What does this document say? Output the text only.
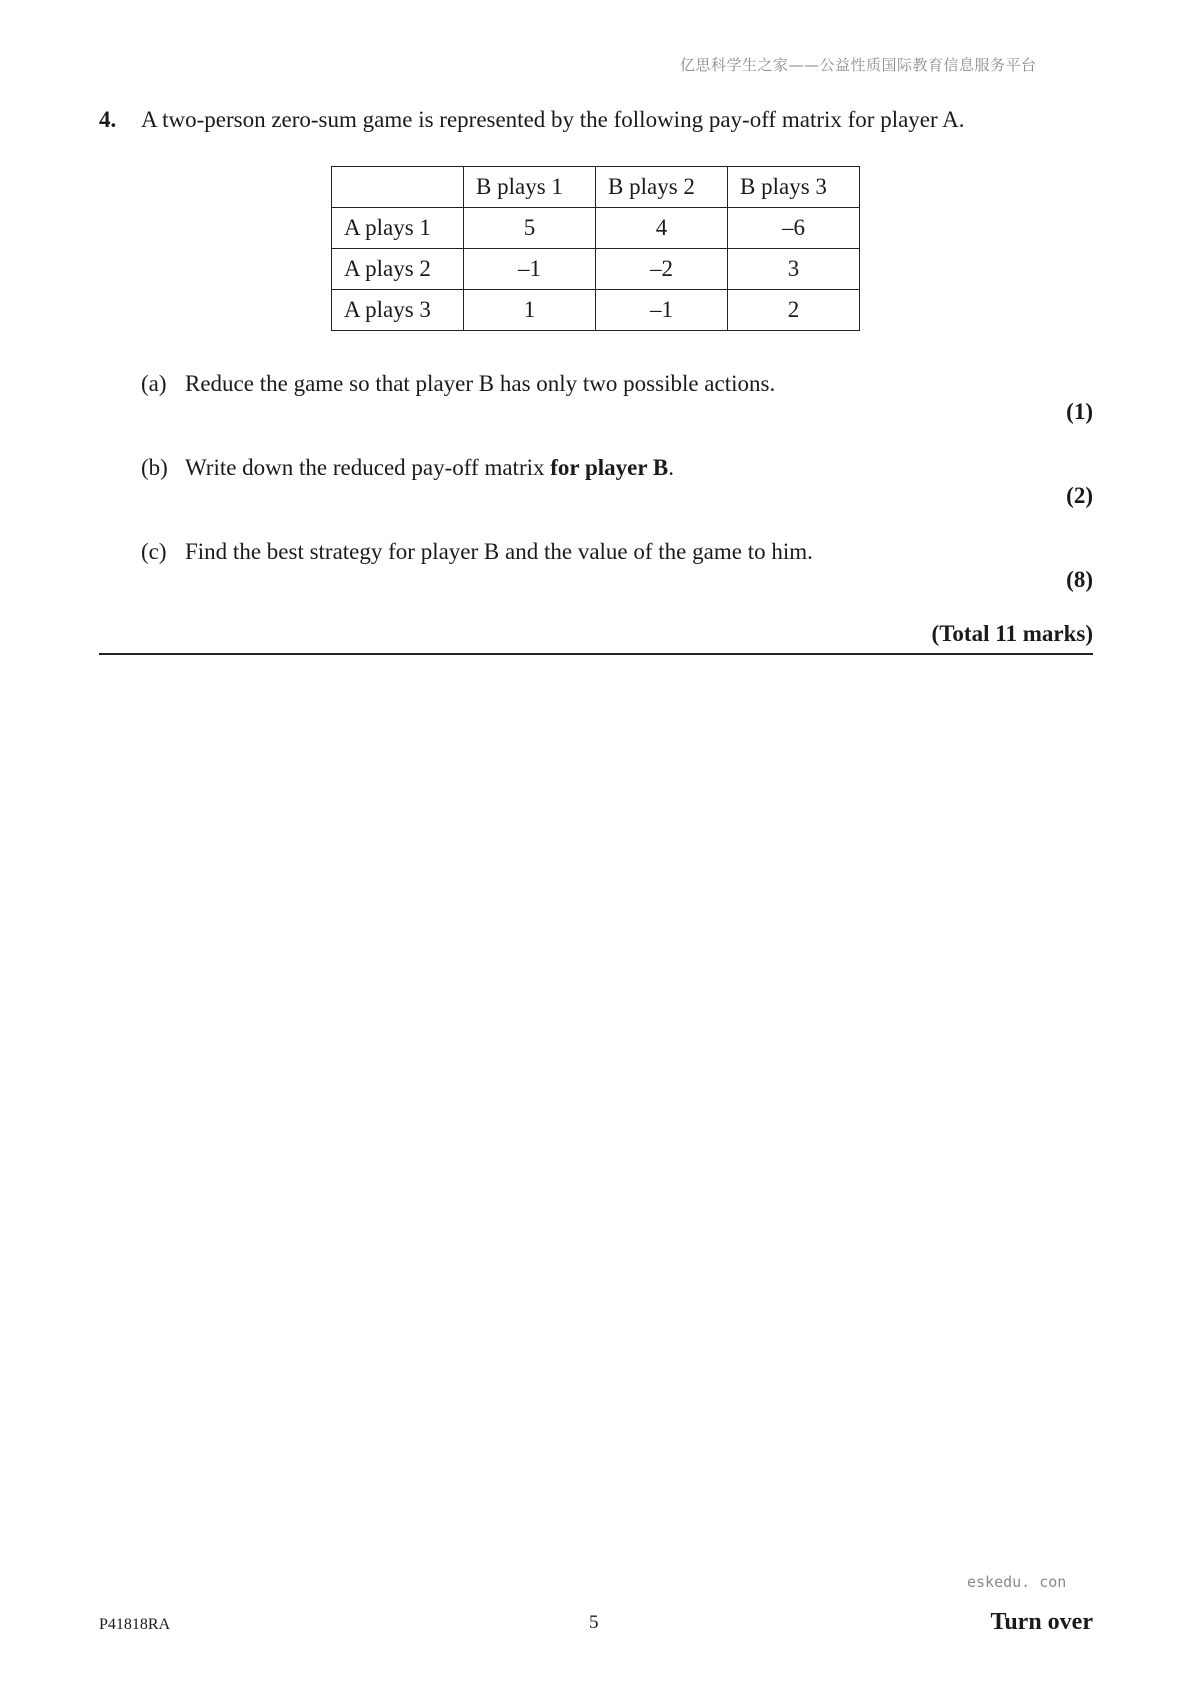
亿思科学生之家——公益性质国际教育信息服务平台
4. A two-person zero-sum game is represented by the following pay-off matrix for player A.
	B plays 1	B plays 2	B plays 3
A plays 1	5	4	–6
A plays 2	–1	–2	3
A plays 3	1	–1	2
(a) Reduce the game so that player B has only two possible actions.
(1)
(b) Write down the reduced pay-off matrix for player B.
(2)
(c) Find the best strategy for player B and the value of the game to him.
(8)
(Total 11 marks)
eskedu. con
P41818RA	5	Turn over
